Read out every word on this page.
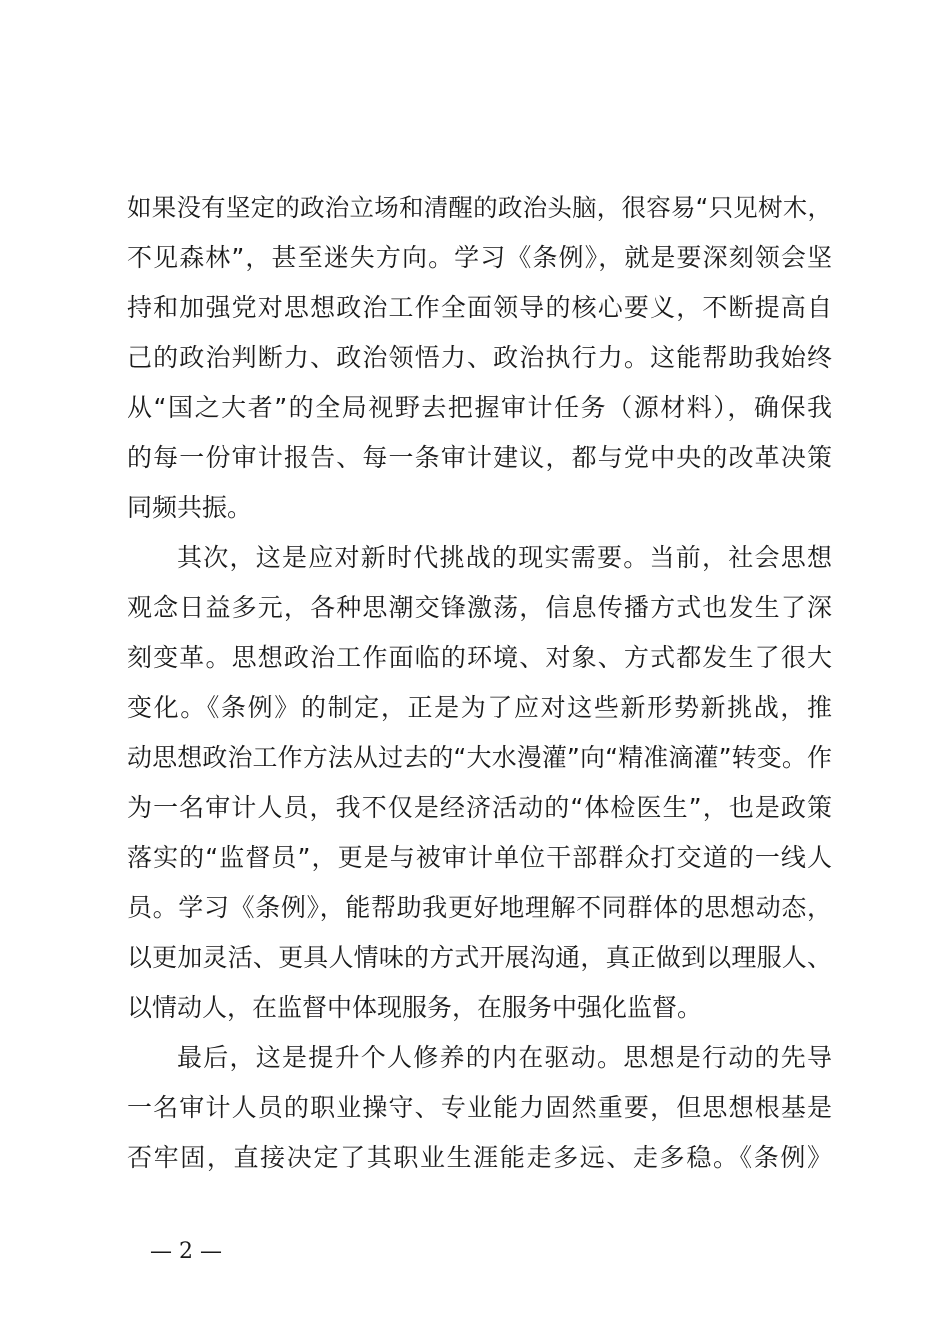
如果没有坚定的政治立场和清醒的政治头脑，很容易“只见树木，
不见森林”，甚至迷失方向。学习《条例》，就是要深刻领会坚
持和加强党对思想政治工作全面领导的核心要义，不断提高自
己的政治判断力、政治领悟力、政治执行力。这能帮助我始终
从“国之大者”的全局视野去把握审计任务（源材料），确保我
的每一份审计报告、每一条审计建议，都与党中央的改革决策
同频共振。
其次，这是应对新时代挑战的现实需要。当前，社会思想
观念日益多元，各种思潮交锋激荡，信息传播方式也发生了深
刻变革。思想政治工作面临的环境、对象、方式都发生了很大
变化。《条例》的制定，正是为了应对这些新形势新挑战，推
动思想政治工作方法从过去的“大水漫灌”向“精准滴灌”转变。作
为一名审计人员，我不仅是经济活动的“体检医生”，也是政策
落实的“监督员”，更是与被审计单位干部群众打交道的一线人
员。学习《条例》，能帮助我更好地理解不同群体的思想动态，
以更加灵活、更具人情味的方式开展沟通，真正做到以理服人、
以情动人，在监督中体现服务，在服务中强化监督。
最后，这是提升个人修养的内在驱动。思想是行动的先导
一名审计人员的职业操守、专业能力固然重要，但思想根基是
否牢固，直接决定了其职业生涯能走多远、走多稳。《条例》
— 2 —
